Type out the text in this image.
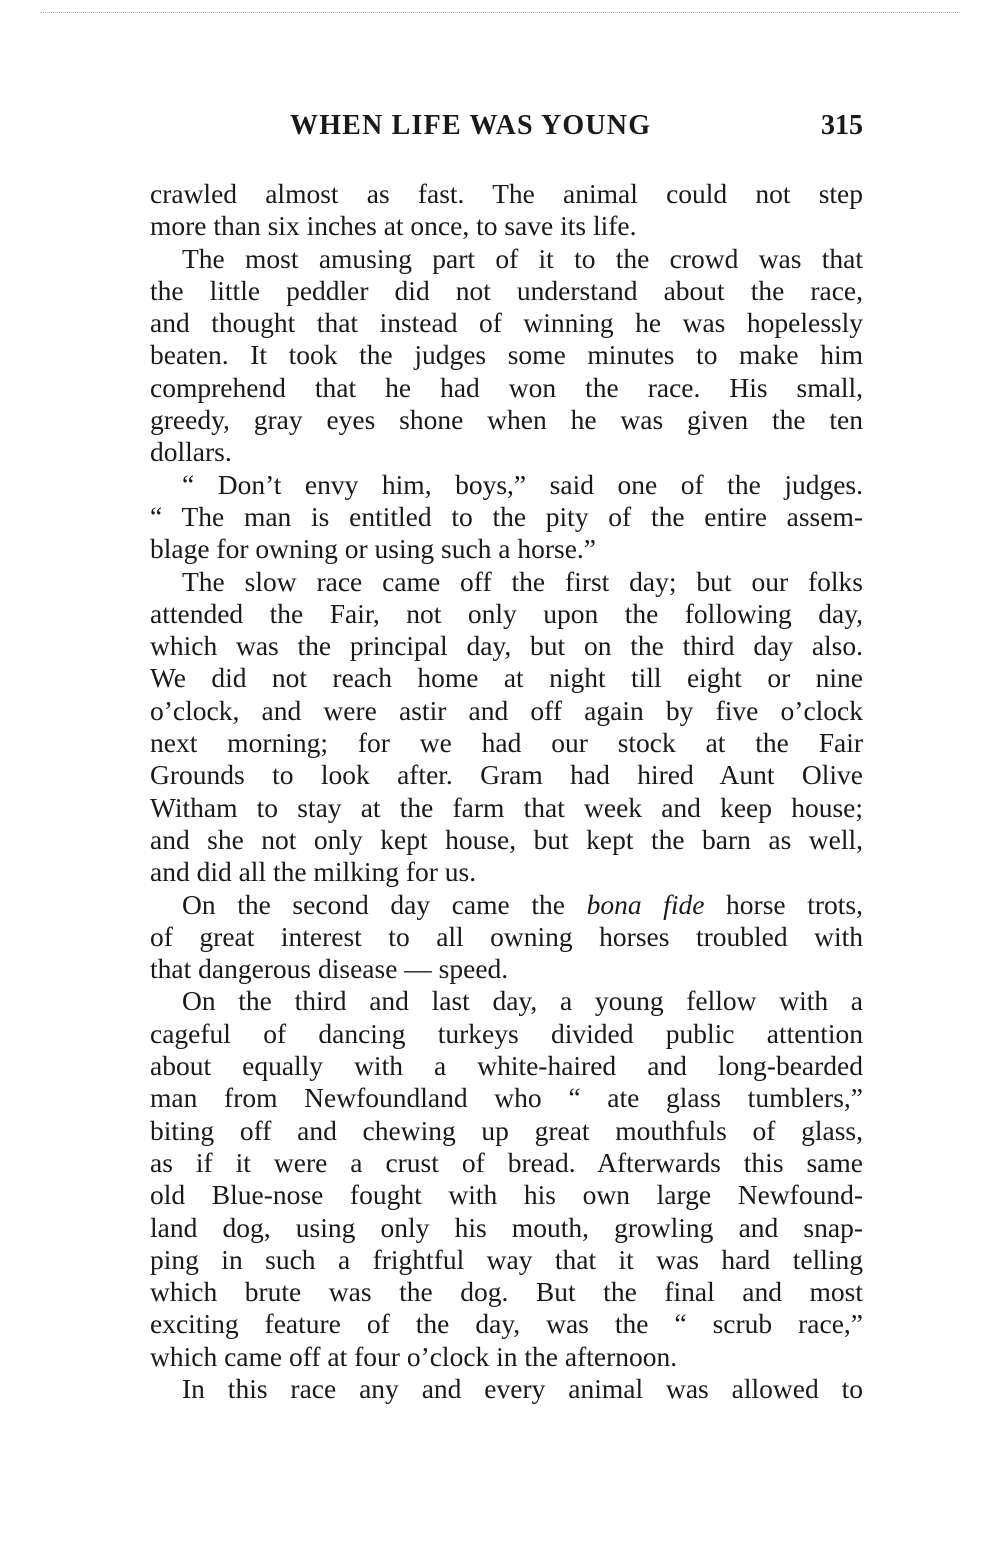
WHEN LIFE WAS YOUNG	315
crawled almost as fast. The animal could not step
more than six inches at once, to save its life.
The most amusing part of it to the crowd was that
the little peddler did not understand about the race,
and thought that instead of winning he was hopelessly
beaten. It took the judges some minutes to make him
comprehend that he had won the race. His small,
greedy, gray eyes shone when he was given the ten
dollars.
“ Don’t envy him, boys,” said one of the judges.
“ The man is entitled to the pity of the entire assem-
blage for owning or using such a horse.”
The slow race came off the first day; but our folks
attended the Fair, not only upon the following day,
which was the principal day, but on the third day also.
We did not reach home at night till eight or nine
o’clock, and were astir and off again by five o’clock
next morning; for we had our stock at the Fair
Grounds to look after. Gram had hired Aunt Olive
Witham to stay at the farm that week and keep house;
and she not only kept house, but kept the barn as well,
and did all the milking for us.
On the second day came the bona fide horse trots,
of great interest to all owning horses troubled with
that dangerous disease — speed.
On the third and last day, a young fellow with a
cageful of dancing turkeys divided public attention
about equally with a white-haired and long-bearded
man from Newfoundland who “ ate glass tumblers,”
biting off and chewing up great mouthfuls of glass,
as if it were a crust of bread. Afterwards this same
old Blue-nose fought with his own large Newfound-
land dog, using only his mouth, growling and snap-
ping in such a frightful way that it was hard telling
which brute was the dog. But the final and most
exciting feature of the day, was the “ scrub race,”
which came off at four o’clock in the afternoon.
In this race any and every animal was allowed to
